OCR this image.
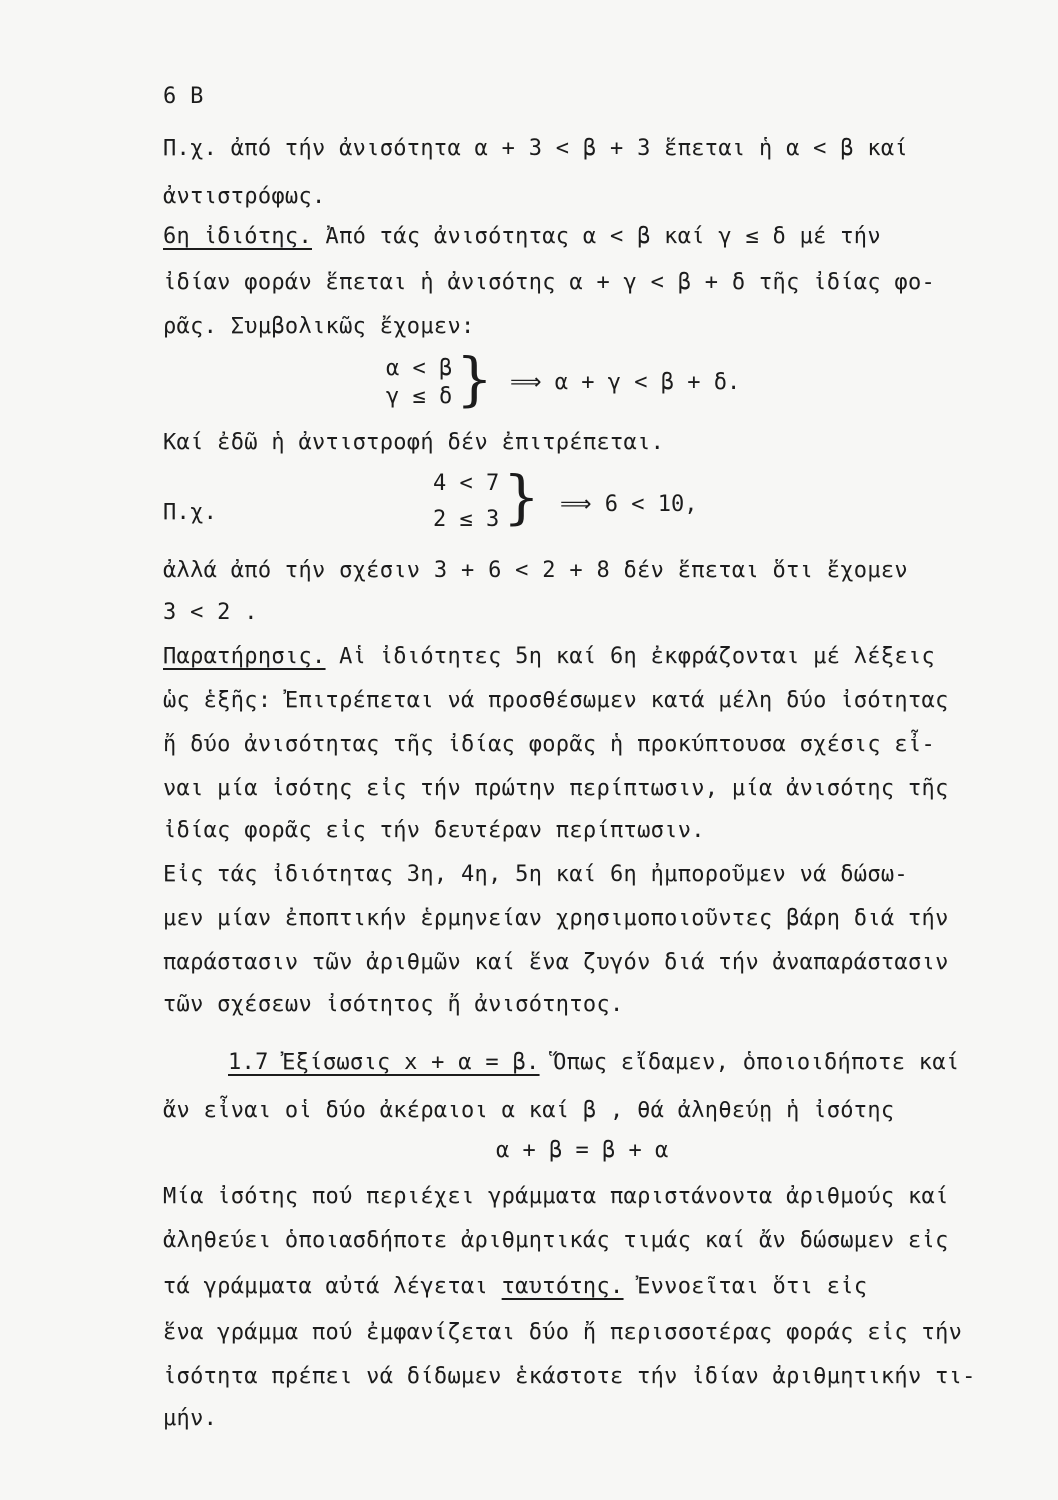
6 B
Π.χ. ἀπό τήν ἀνισότητα α + 3 < β + 3 ἕπεται ἡ α < β καί
ἀντιστρόφως.
6η ἰδιότης. Ἀπό τάς ἀνισότητας α < β καί γ ≤ δ μέ τήν
ἰδίαν φοράν ἕπεται ἡ ἀνισότης α + γ < β + δ τῆς ἰδίας φο-
ρᾶς. Συμβολικῶς ἔχομεν:
α < β
γ ≤ δ } ⟹ α + γ < β + δ.
Καί ἐδῶ ἡ ἀντιστροφή δέν ἐπιτρέπεται.
Π.χ.
4 < 7
2 ≤ 3 } ⟹ 6 < 10,
ἀλλά ἀπό τήν σχέσιν 3 + 6 < 2 + 8 δέν ἕπεται ὅτι ἔχομεν
3 < 2 .
Παρατήρησις. Αἱ ἰδιότητες 5η καί 6η ἐκφράζονται μέ λέξεις
ὡς ἑξῆς: Ἐπιτρέπεται νά προσθέσωμεν κατά μέλη δύο ἰσότητας
ἤ δύο ἀνισότητας τῆς ἰδίας φορᾶς ἡ προκύπτουσα σχέσις εἶ-
ναι μία ἰσότης εἰς τήν πρώτην περίπτωσιν, μία ἀνισότης τῆς
ἰδίας φορᾶς εἰς τήν δευτέραν περίπτωσιν.
Εἰς τάς ἰδιότητας 3η, 4η, 5η καί 6η ἠμποροῦμεν νά δώσω-
μεν μίαν ἐποπτικήν ἑρμηνείαν χρησιμοποιοῦντες βάρη διά τήν
παράστασιν τῶν ἀριθμῶν καί ἕνα ζυγόν διά τήν ἀναπαράστασιν
τῶν σχέσεων ἰσότητος ἤ ἀνισότητος.
1.7 Ἐξίσωσις x + α = β. Ὅπως εἴδαμεν, ὁποιοιδήποτε καί
ἄν εἶναι οἱ δύο ἀκέραιοι α καί β , θά ἀληθεύῃ ἡ ἰσότης
α + β = β + α
Μία ἰσότης πού περιέχει γράμματα παριστάνοντα ἀριθμούς καί
ἀληθεύει ὁποιασδήποτε ἀριθμητικάς τιμάς καί ἄν δώσωμεν εἰς
τά γράμματα αὐτά λέγεται ταυτότης. Ἐννοεῖται ὅτι εἰς
ἕνα γράμμα πού ἐμφανίζεται δύο ἤ περισσοτέρας φοράς εἰς τήν
ἰσότητα πρέπει νά δίδωμεν ἑκάστοτε τήν ἰδίαν ἀριθμητικήν τι-
μήν.
